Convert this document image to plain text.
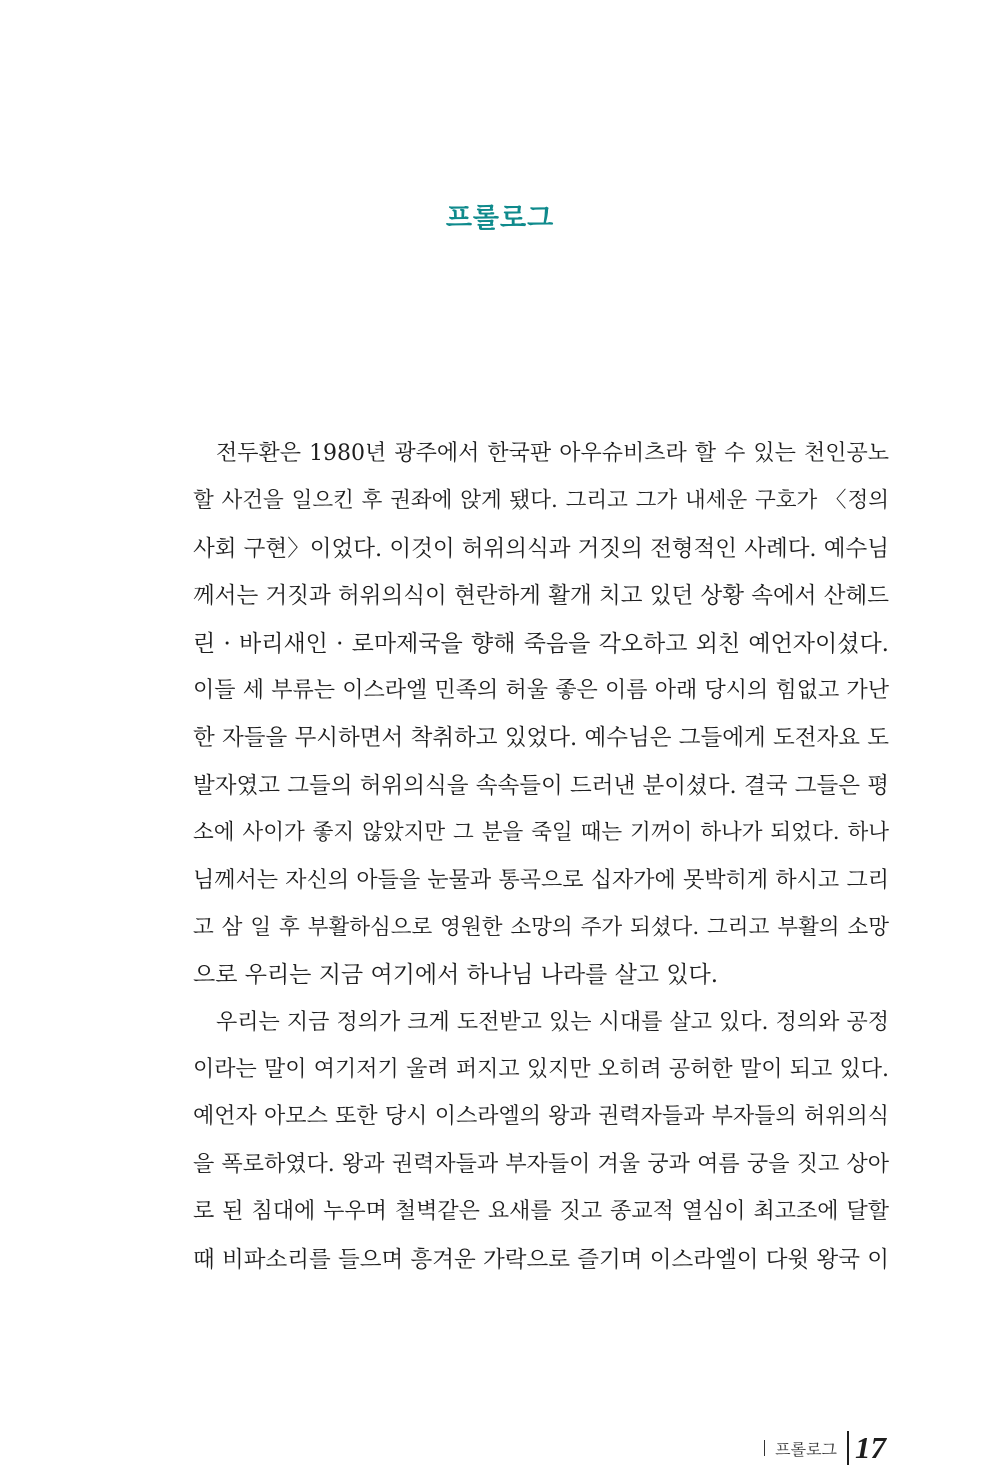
프롤로그
전두환은 1980년 광주에서 한국판 아우슈비츠라 할 수 있는 천인공노
할 사건을 일으킨 후 권좌에 앉게 됐다. 그리고 그가 내세운 구호가 〈정의
사회 구현〉이었다. 이것이 허위의식과 거짓의 전형적인 사례다. 예수님
께서는 거짓과 허위의식이 현란하게 활개 치고 있던 상황 속에서 산헤드
린 · 바리새인 · 로마제국을 향해 죽음을 각오하고 외친 예언자이셨다.
이들 세 부류는 이스라엘 민족의 허울 좋은 이름 아래 당시의 힘없고 가난
한 자들을 무시하면서 착취하고 있었다. 예수님은 그들에게 도전자요 도
발자였고 그들의 허위의식을 속속들이 드러낸 분이셨다. 결국 그들은 평
소에 사이가 좋지 않았지만 그 분을 죽일 때는 기꺼이 하나가 되었다. 하나
님께서는 자신의 아들을 눈물과 통곡으로 십자가에 못박히게 하시고 그리
고 삼 일 후 부활하심으로 영원한 소망의 주가 되셨다. 그리고 부활의 소망
으로 우리는 지금 여기에서 하나님 나라를 살고 있다.
우리는 지금 정의가 크게 도전받고 있는 시대를 살고 있다. 정의와 공정
이라는 말이 여기저기 울려 퍼지고 있지만 오히려 공허한 말이 되고 있다.
예언자 아모스 또한 당시 이스라엘의 왕과 권력자들과 부자들의 허위의식
을 폭로하였다. 왕과 권력자들과 부자들이 겨울 궁과 여름 궁을 짓고 상아
로 된 침대에 누우며 철벽같은 요새를 짓고 종교적 열심이 최고조에 달할
때 비파소리를 들으며 흥겨운 가락으로 즐기며 이스라엘이 다윗 왕국 이
프롤로그 17
